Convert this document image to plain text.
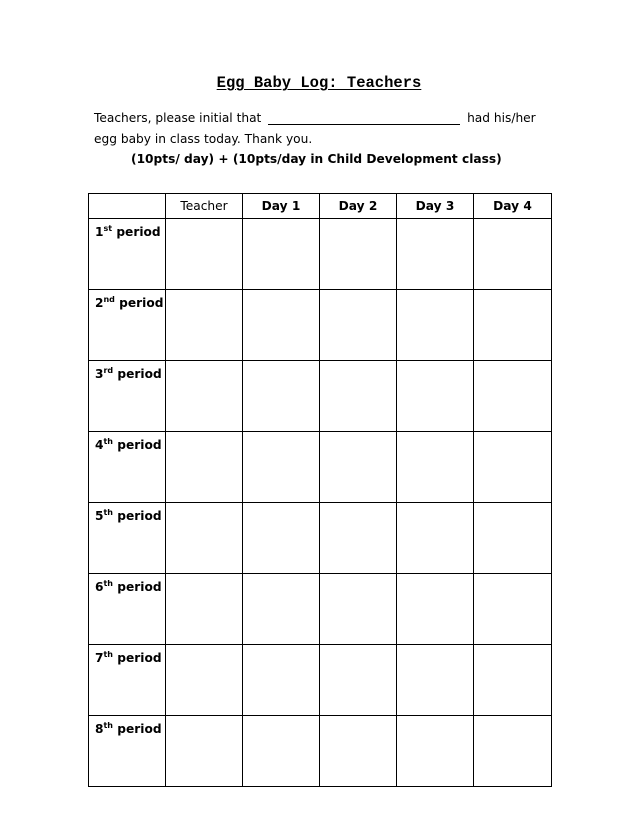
Egg Baby Log: Teachers
Teachers, please initial that	had his/her egg baby in class today. Thank you.
(10pts/ day) + (10pts/day in Child Development class)
	Teacher	Day 1	Day 2	Day 3	Day 4
1st period					
2nd period					
3rd period					
4th period					
5th period					
6th period					
7th period					
8th period					
